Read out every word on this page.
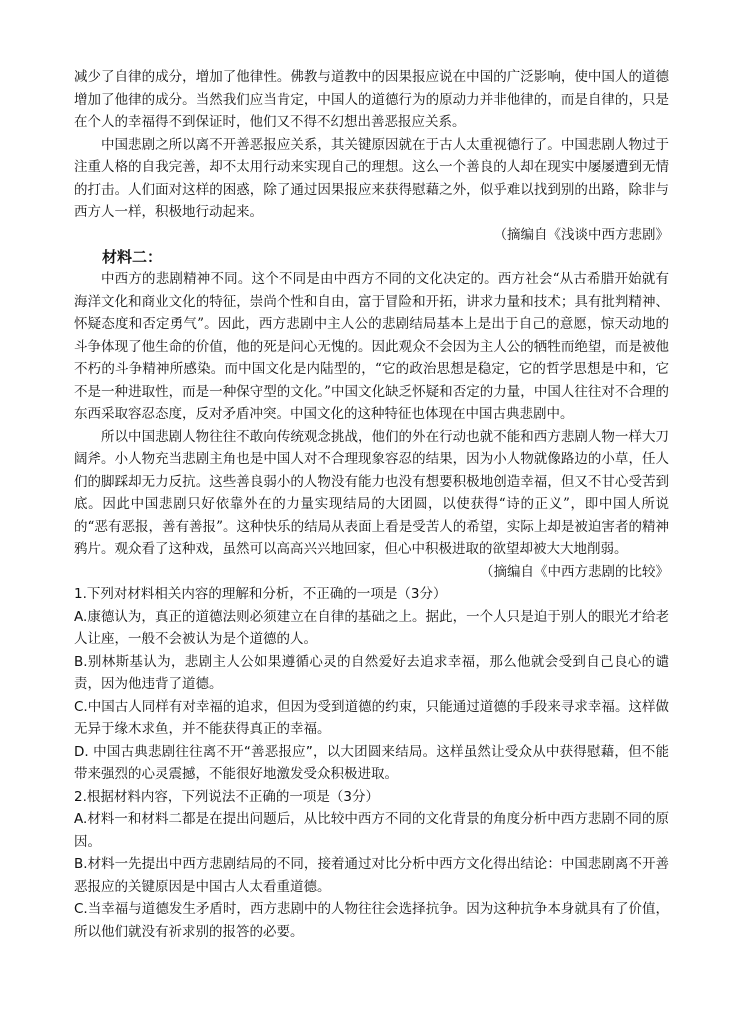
减少了自律的成分，增加了他律性。佛教与道教中的因果报应说在中国的广泛影响，使中国人的道德增加了他律的成分。当然我们应当肯定，中国人的道德行为的原动力并非他律的，而是自律的，只是在个人的幸福得不到保证时，他们又不得不幻想出善恶报应关系。

中国悲剧之所以离不开善恶报应关系，其关键原因就在于古人太重视德行了。中国悲剧人物过于注重人格的自我完善，却不太用行动来实现自己的理想。这么一个善良的人却在现实中屡屡遭到无情的打击。人们面对这样的困惑，除了通过因果报应来获得慰藉之外，似乎难以找到别的出路，除非与西方人一样，积极地行动起来。

（摘编自《浅谈中西方悲剧》

材料二：

中西方的悲剧精神不同。这个不同是由中西方不同的文化决定的。西方社会“从古希腊开始就有海洋文化和商业文化的特征，崇尚个性和自由，富于冒险和开拓，讲求力量和技术；具有批判精神、怀疑态度和否定勇气”。因此，西方悲剧中主人公的悲剧结局基本上是出于自己的意愿，惊天动地的斗争体现了他生命的价值，他的死是问心无愧的。因此观众不会因为主人公的牺牲而绝望，而是被他不朽的斗争精神所感染。而中国文化是内陆型的，“它的政治思想是稳定，它的哲学思想是中和，它不是一种进取性，而是一种保守型的文化。”中国文化缺乏怀疑和否定的力量，中国人往往对不合理的东西采取容忍态度，反对矛盾冲突。中国文化的这种特征也体现在中国古典悲剧中。

所以中国悲剧人物往往不敢向传统观念挑战，他们的外在行动也就不能和西方悲剧人物一样大刀阔斧。小人物充当悲剧主角也是中国人对不合理现象容忍的结果，因为小人物就像路边的小草，任人们的脚踩却无力反抗。这些善良弱小的人物没有能力也没有想要积极地创造幸福，但又不甘心受苦到底。因此中国悲剧只好依靠外在的力量实现结局的大团圆，以使获得“诗的正义”，即中国人所说的“恶有恶报，善有善报”。这种快乐的结局从表面上看是受苦人的希望，实际上却是被迫害者的精神鸦片。观众看了这种戏，虽然可以高高兴兴地回家，但心中积极进取的欲望却被大大地削弱。

（摘编自《中西方悲剧的比较》

1.下列对材料相关内容的理解和分析，不正确的一项是（3分）

A.康德认为，真正的道德法则必须建立在自律的基础之上。据此，一个人只是迫于别人的眼光才给老人让座，一般不会被认为是个道德的人。

B.别林斯基认为，悲剧主人公如果遵循心灵的自然爱好去追求幸福，那么他就会受到自己良心的谴责，因为他违背了道德。

C.中国古人同样有对幸福的追求，但因为受到道德的约束，只能通过道德的手段来寻求幸福。这样做无异于缘木求鱼，并不能获得真正的幸福。

D. 中国古典悲剧往往离不开“善恶报应”，以大团圆来结局。这样虽然让受众从中获得慰藉，但不能带来强烈的心灵震撼，不能很好地激发受众积极进取。

2.根据材料内容，下列说法不正确的一项是（3分）

A.材料一和材料二都是在提出问题后，从比较中西方不同的文化背景的角度分析中西方悲剧不同的原因。

B.材料一先提出中西方悲剧结局的不同，接着通过对比分析中西方文化得出结论：中国悲剧离不开善恶报应的关键原因是中国古人太看重道德。

C.当幸福与道德发生矛盾时，西方悲剧中的人物往往会选择抗争。因为这种抗争本身就具有了价值，所以他们就没有祈求别的报答的必要。
